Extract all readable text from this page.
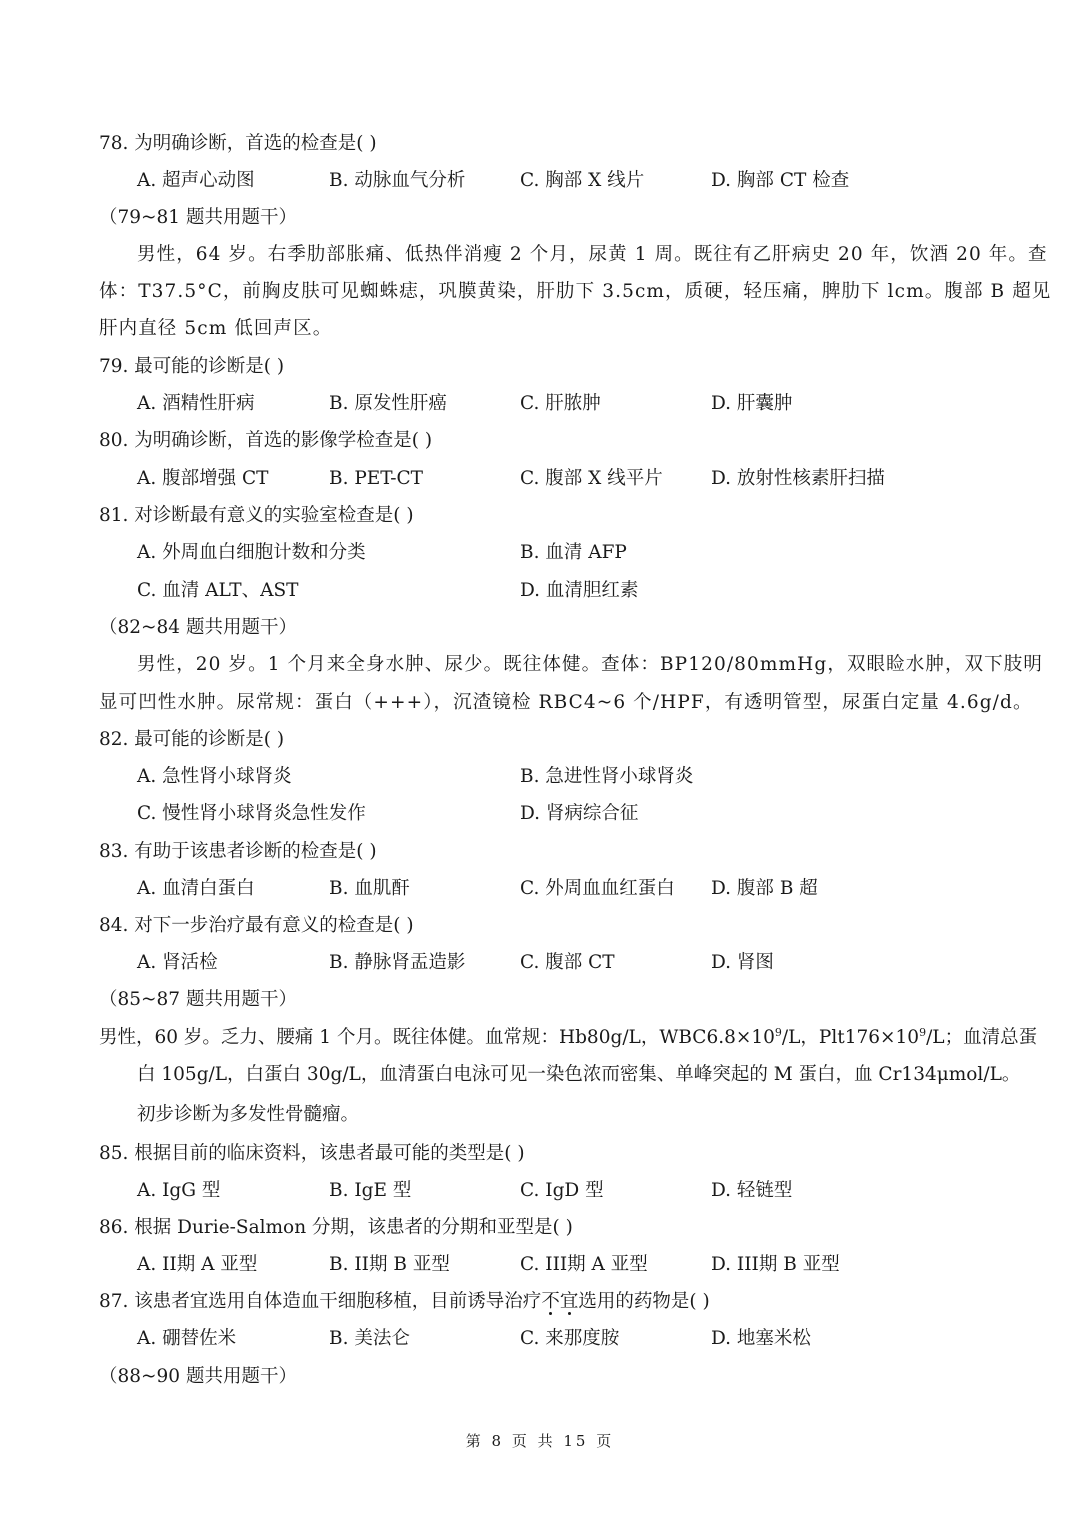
78. 为明确诊断，首选的检查是( )
A. 超声心动图	B. 动脉血气分析	C. 胸部 X 线片	D. 胸部 CT 检查
（79~81 题共用题干）
男性，64 岁。右季肋部胀痛、低热伴消瘦 2 个月，尿黄 1 周。既往有乙肝病史 20 年，饮酒 20 年。查
体：T37.5°C，前胸皮肤可见蜘蛛痣，巩膜黄染，肝肋下 3.5cm，质硬，轻压痛，脾肋下 lcm。腹部 B 超见
肝内直径 5cm 低回声区。
79. 最可能的诊断是( )
A. 酒精性肝病	B. 原发性肝癌	C. 肝脓肿	D. 肝囊肿
80. 为明确诊断，首选的影像学检查是( )
A. 腹部增强 CT	B. PET-CT	C. 腹部 X 线平片	D. 放射性核素肝扫描
81. 对诊断最有意义的实验室检查是( )
A. 外周血白细胞计数和分类	B. 血清 AFP
C. 血清 ALT、AST	D. 血清胆红素
（82~84 题共用题干）
男性，20 岁。1 个月来全身水肿、尿少。既往体健。查体：BP120/80mmHg，双眼睑水肿，双下肢明
显可凹性水肿。尿常规：蛋白（+++），沉渣镜检 RBC4~6 个/HPF，有透明管型，尿蛋白定量 4.6g/d。
82. 最可能的诊断是( )
A. 急性肾小球肾炎	B. 急进性肾小球肾炎
C. 慢性肾小球肾炎急性发作	D. 肾病综合征
83. 有助于该患者诊断的检查是( )
A. 血清白蛋白	B. 血肌酐	C. 外周血血红蛋白 D. 腹部 B 超
84. 对下一步治疗最有意义的检查是( )
A. 肾活检	B. 静脉肾盂造影	C. 腹部 CT	D. 肾图
（85~87 题共用题干）
男性，60 岁。乏力、腰痛 1 个月。既往体健。血常规：Hb80g/L，$WBC6.8\times 10^9/L$，$Plt176\times 10^9/L$；血清总蛋
白 105g/L，白蛋白 30g/L，血清蛋白电泳可见一染色浓而密集、单峰突起的 M 蛋白，血 Cr134μmol/L。
初步诊断为多发性骨髓瘤。
85. 根据目前的临床资料，该患者最可能的类型是( )
A. IgG 型	B. IgE 型	C. IgD 型	D. 轻链型
86. 根据 Durie-Salmon 分期，该患者的分期和亚型是( )
A. II期 A 亚型	B. II期 B 亚型	C. III期 A 亚型	D. III期 B 亚型
87. 该患者宜选用自体造血干细胞移植，目前诱导治疗不宜选用的药物是( )
A. 硼替佐米	B. 美法仑	C. 来那度胺	D. 地塞米松
（88~90 题共用题干）
第 8 页 共 15 页
